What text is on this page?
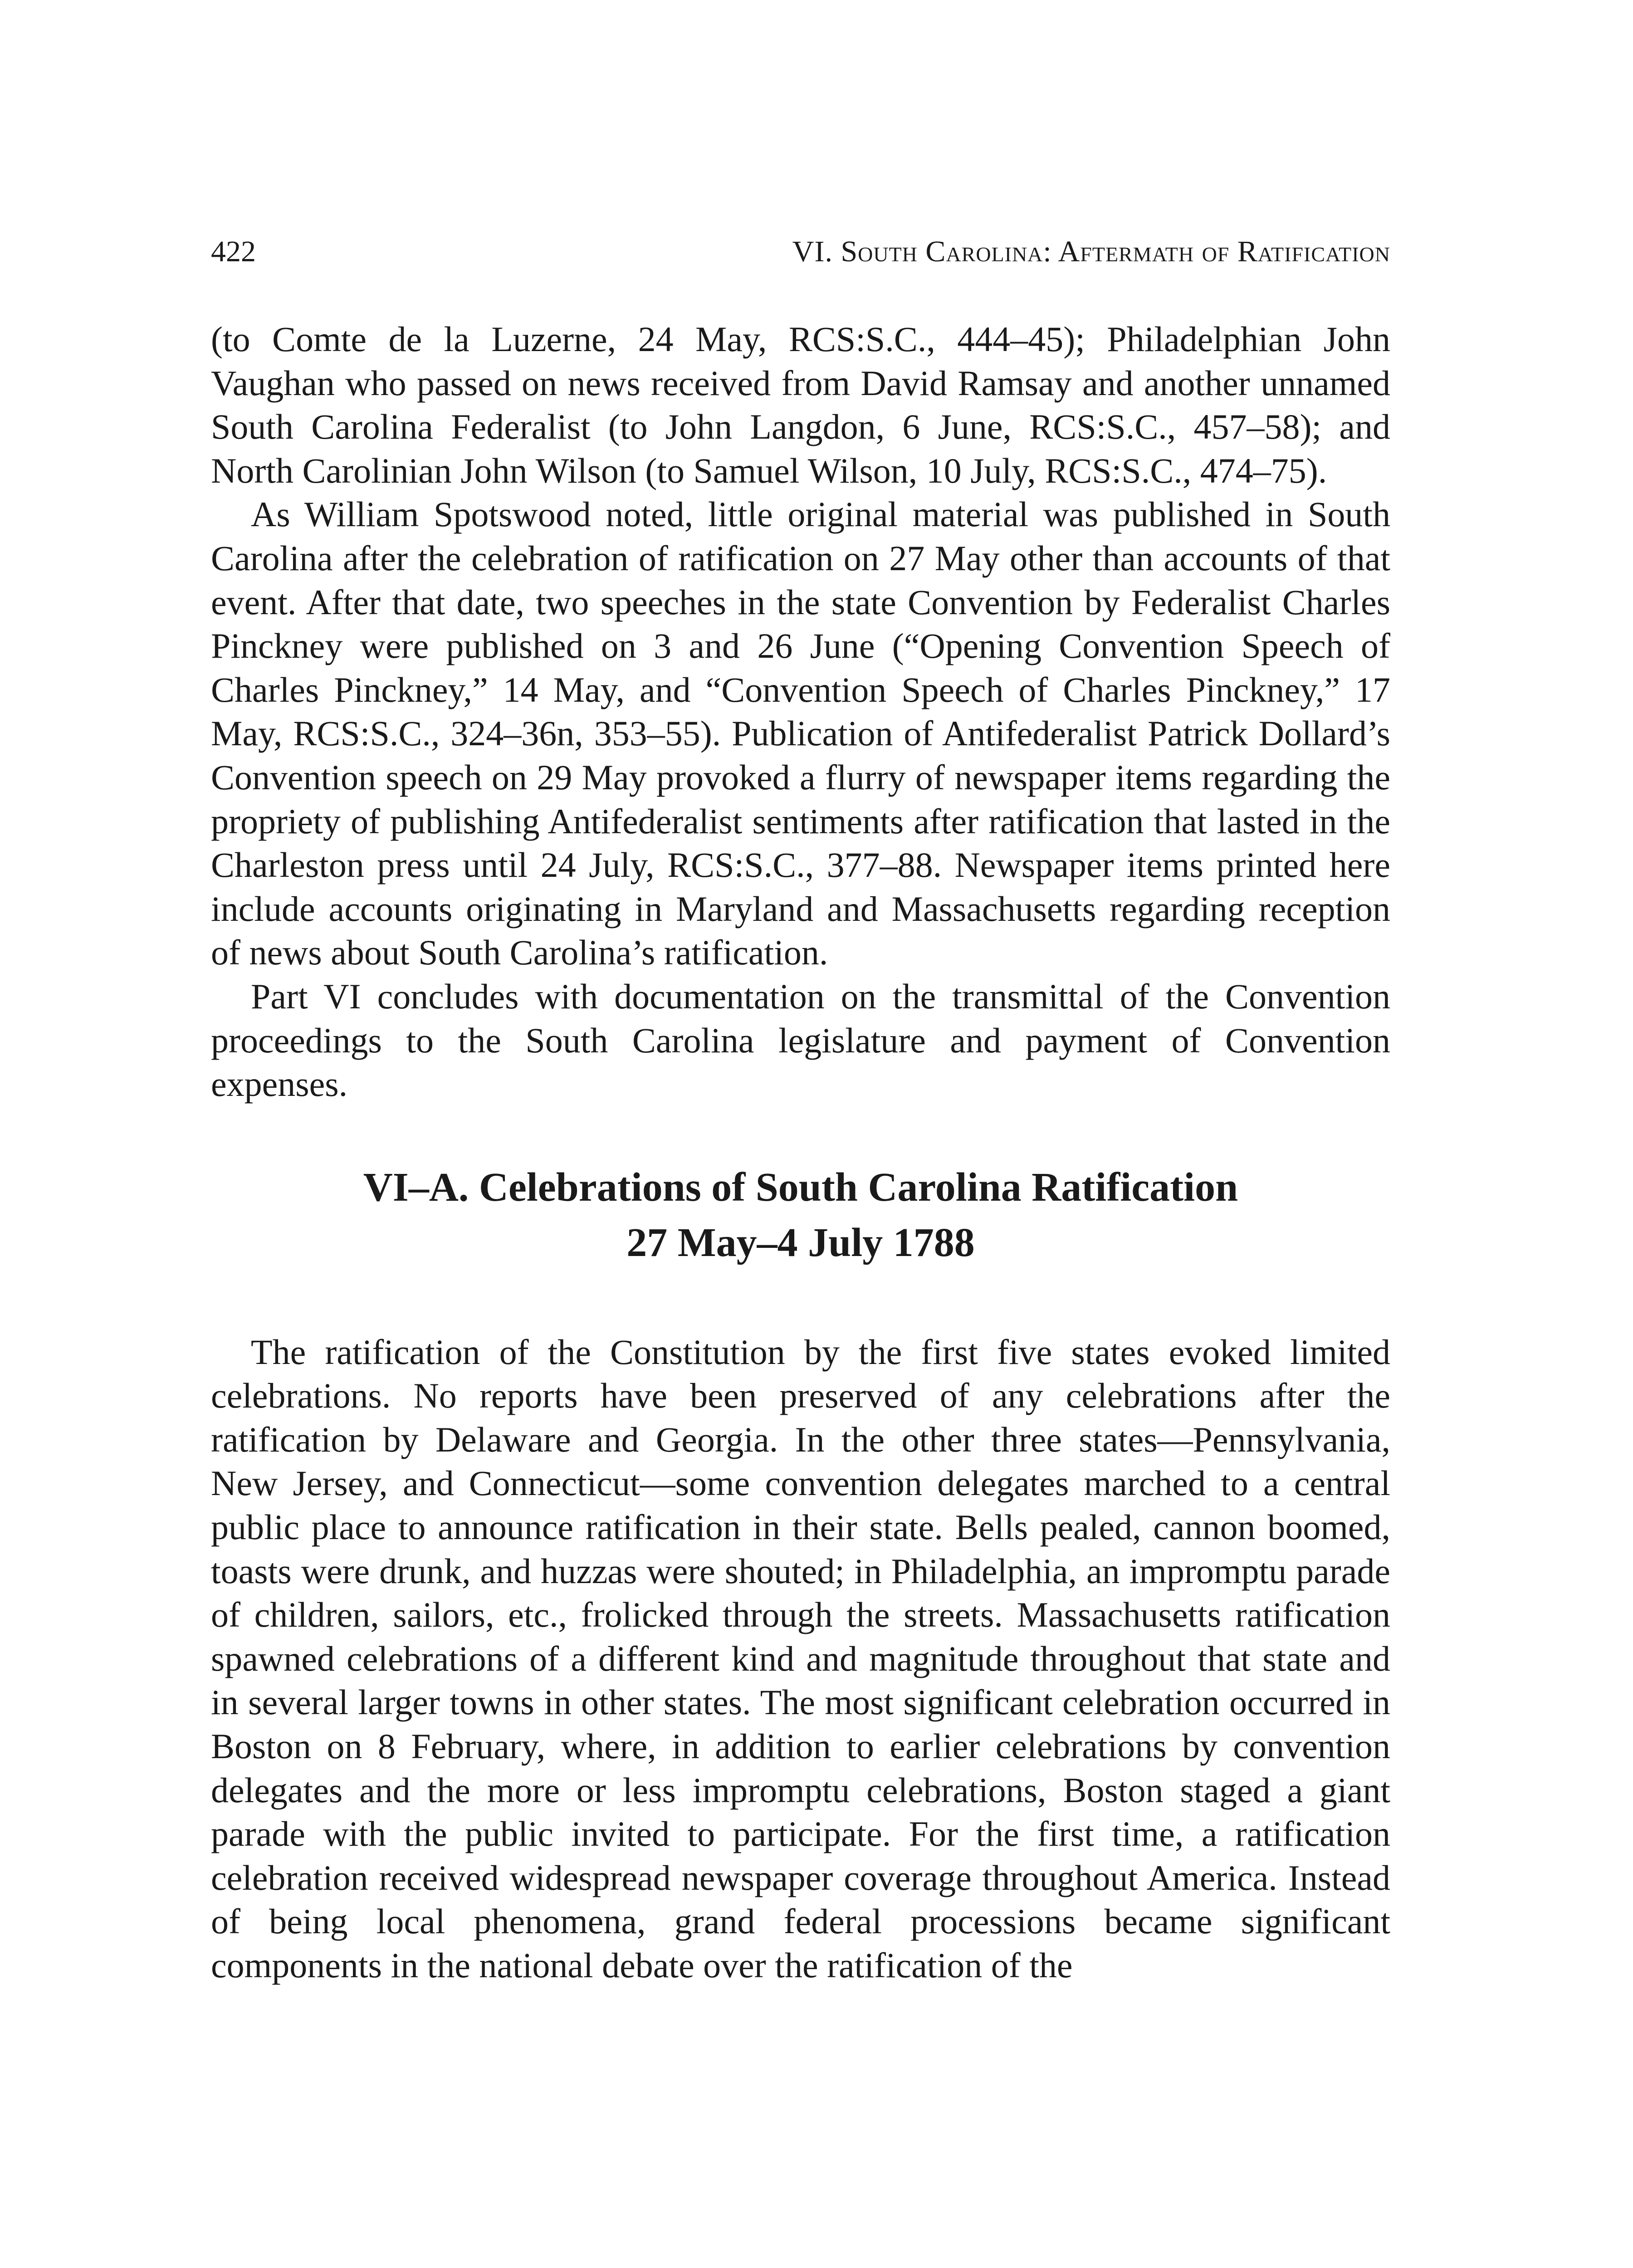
422	VI. South Carolina: Aftermath of Ratification

(to Comte de la Luzerne, 24 May, RCS:S.C., 444–45); Philadelphian John Vaughan who passed on news received from David Ramsay and another unnamed South Carolina Federalist (to John Langdon, 6 June, RCS:S.C., 457–58); and North Carolinian John Wilson (to Samuel Wilson, 10 July, RCS:S.C., 474–75).

As William Spotswood noted, little original material was published in South Carolina after the celebration of ratification on 27 May other than accounts of that event. After that date, two speeches in the state Convention by Federalist Charles Pinckney were published on 3 and 26 June (“Opening Convention Speech of Charles Pinckney,” 14 May, and “Convention Speech of Charles Pinckney,” 17 May, RCS:S.C., 324–36n, 353–55). Publication of Antifederalist Patrick Dollard’s Convention speech on 29 May provoked a flurry of newspaper items regarding the propriety of publishing Antifederalist sentiments after ratification that lasted in the Charleston press until 24 July, RCS:S.C., 377–88. Newspaper items printed here include accounts originating in Maryland and Massachusetts regarding reception of news about South Carolina’s ratification.

Part VI concludes with documentation on the transmittal of the Convention proceedings to the South Carolina legislature and payment of Convention expenses.

VI–A. Celebrations of South Carolina Ratification
27 May–4 July 1788

The ratification of the Constitution by the first five states evoked limited celebrations. No reports have been preserved of any celebrations after the ratification by Delaware and Georgia. In the other three states—Pennsylvania, New Jersey, and Connecticut—some convention delegates marched to a central public place to announce ratification in their state. Bells pealed, cannon boomed, toasts were drunk, and huzzas were shouted; in Philadelphia, an impromptu parade of children, sailors, etc., frolicked through the streets. Massachusetts ratification spawned celebrations of a different kind and magnitude throughout that state and in several larger towns in other states. The most significant celebration occurred in Boston on 8 February, where, in addition to earlier celebrations by convention delegates and the more or less impromptu celebrations, Boston staged a giant parade with the public invited to participate. For the first time, a ratification celebration received widespread newspaper coverage throughout America. Instead of being local phenomena, grand federal processions became significant components in the national debate over the ratification of the
